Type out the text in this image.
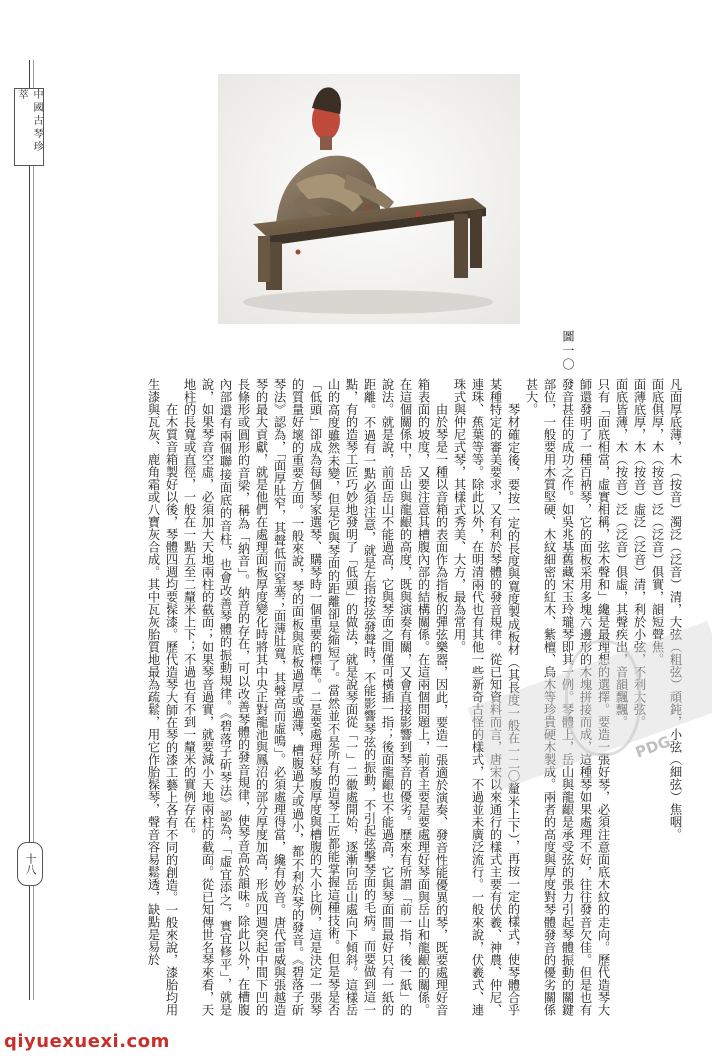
中國古琴珍萃
圖一〇

凡面厚底薄，木（按音）濁泛（泛音）清，大弦（粗弦）頑鈍，小弦（細弦）焦咽。

面底俱厚，木（按音）泛（泛音）俱實，韻短聲焦。

面薄底厚，木（按音）虛泛（泛音）清，利於小弦，不利大弦。

面底皆薄，木（按音）泛（泛音）俱虛，其聲疾出，音韻飄飄。

只有「面底相當，虛實相稱，弦木聲和」纔是最理想的選擇。要造一張好琴，必須注意面底木紋的走向。歷代造琴大師還發明了一種百衲琴，它的面板采用多塊六邊形的木塊拼接而成，這種琴如果處理不好，往往發音欠佳。但是也有發音甚佳的成功之作。如吳兆基舊藏宋玉玲瓏琴即其一例。琴體上，岳山與龍齦是承受弦的張力引起琴體振動的關鍵部位，一般要用木質堅硬、木紋細密的紅木、紫檀、烏木等珍貴硬木製成。兩者的高度與厚度對琴體發音的優劣關係甚大。

琴材確定後，要按一定的長度與寬度製成板材（其長度一般在一二〇釐米上下），再按一定的樣式，使琴體合乎某種特定的審美要求，又有利於琴體的發音規律。從已知資料而言，唐宋以來通行的樣式主要有伏羲、神農、仲尼、連珠、蕉葉等等。除此以外，在明清兩代也有其他一些新奇古怪的樣式，不過並未廣泛流行。一般來說，伏羲式、連珠式與仲尼式琴，其樣式秀美、大方，最為常用。

由於琴是一種以音箱的表面作為指板的彈弦樂器，因此，要造一張適於演奏、發音性能優異的琴，既要處理好音箱表面的坡度，又要注意其槽腹內部的結構關係。在這兩個問題上，前者主要是要處理好琴面與岳山和龍齦的關係。在這個關係中，岳山與龍齦的高度，既與演奏有關，又會直接影響到琴音的優劣。歷來有所謂「前一指，後一紙」的說法。就是說，前面岳山不能過高，它與琴面之間僅可橫插一指；後面龍齦也不能過高，它與琴面間最好只有一紙的距離。不過有一點必須注意，就是左指按弦發聲時，不能影響琴弦的振動，不引起弦擊琴面的毛病。而要做到這一點，有的造琴工匠巧妙地發明了「低頭」的做法，就是說琴面從「一」二徽處開始，逐漸向岳山處向下傾斜。這樣岳山的高度雖然未變，但是它與琴面的距離卻是縮短了。當然並不是所有的造琴工匠都能掌握這種技術。但是琴是否「低頭」卻成為每個琴家選琴、購琴時一個重要的標準。二是要處理好琴腹厚度與槽腹的大小比例，這是決定一張琴的質量好壞的重要方面。一般來說，琴的面板與底板過厚或過薄，槽腹過大或過小，都不利於琴的發音。《碧落子斫琴法》認為，「面厚肚窄，其聲低而窒塞；面薄肚寬，其聲高而虛鳴」。必須處理得當，纔有妙音。唐代雷威與張越造琴的最大貢獻，就是他們在處理面板厚度變化時將其中央正對龍池與鳳沼的部分厚度加高，形成四週突起中間下凹的長條形或圓形的音梁，稱為「納音」。納音的存在，可以改善琴體的發音規律，使琴音高於韻味。除此以外，在槽腹內部還有兩個聯接面底的音柱，也會改善琴體的振動規律。《碧落子斫琴法》認為，「虛宜添之，實宜修平」，就是說，如果琴音空虛，必須加大天地兩柱的截面；如果琴音過實，就要減小天地兩柱的截面。從已知傳世名琴來看，天地柱的長寬或直徑，一般在一點五至二釐米上下；不過也有不到一釐米的實例存在。

在木質音箱製好以後，琴體四週均要髹漆。歷代造琴大師在琴的漆工藝上各有不同的創造。一般來說，漆胎均用生漆與瓦灰、鹿角霜或八寶灰合成。其中瓦灰胎質地最為疏鬆，用它作胎髹琴，聲音容易鬆透，缺點是易於	PDG
十八
qiyuexuexi.com
